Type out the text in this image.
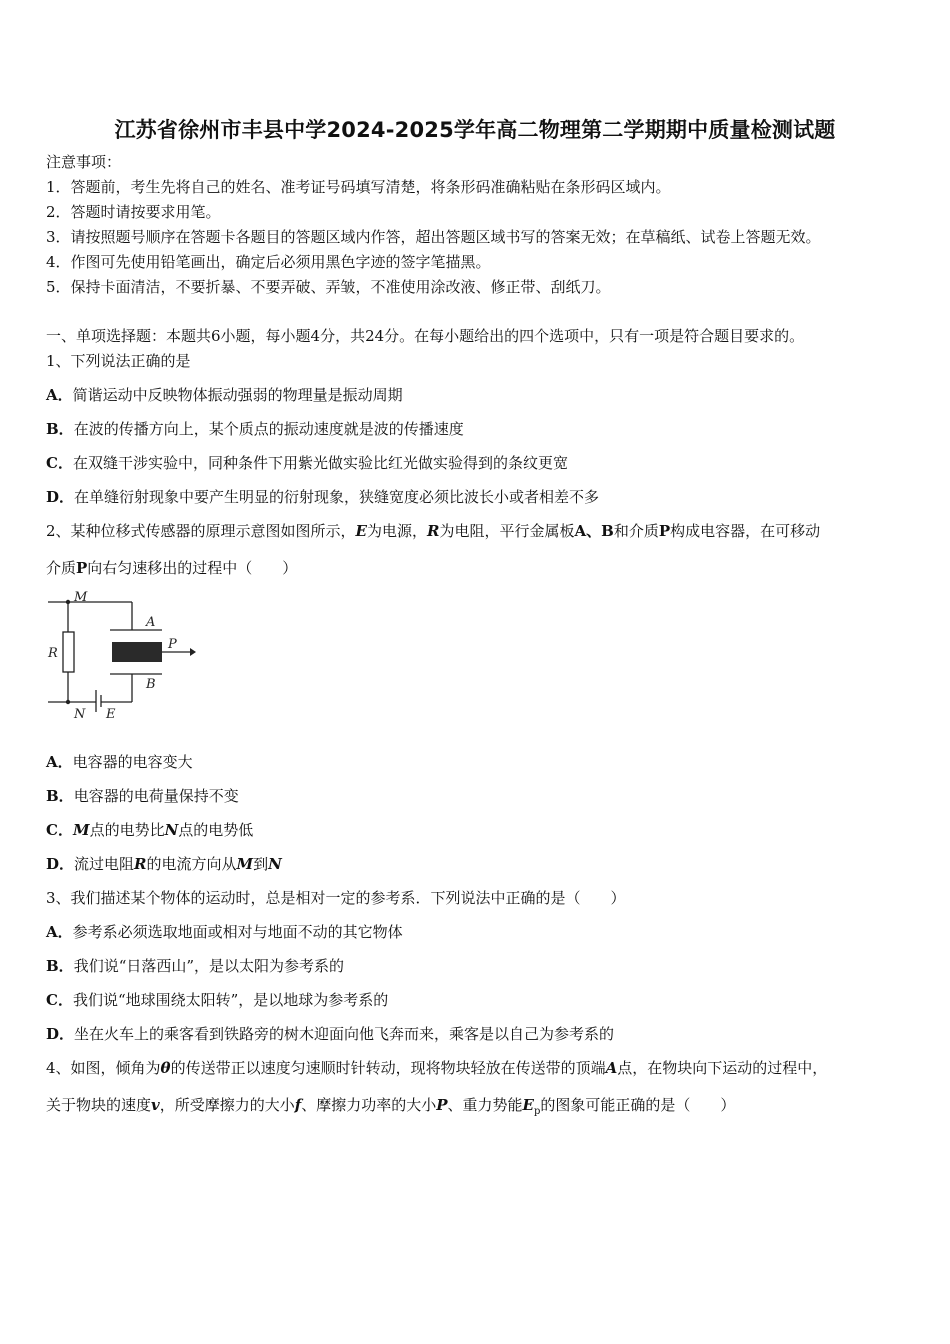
江苏省徐州市丰县中学2024-2025学年高二物理第二学期期中质量检测试题
注意事项：
1．答题前，考生先将自己的姓名、准考证号码填写清楚，将条形码准确粘贴在条形码区域内。
2．答题时请按要求用笔。
3．请按照题号顺序在答题卡各题目的答题区域内作答，超出答题区域书写的答案无效；在草稿纸、试卷上答题无效。
4．作图可先使用铅笔画出，确定后必须用黑色字迹的签字笔描黑。
5．保持卡面清洁，不要折暴、不要弄破、弄皱，不准使用涂改液、修正带、刮纸刀。
一、单项选择题：本题共6小题，每小题4分，共24分。在每小题给出的四个选项中，只有一项是符合题目要求的。
1、下列说法正确的是
A．简谐运动中反映物体振动强弱的物理量是振动周期
B．在波的传播方向上，某个质点的振动速度就是波的传播速度
C．在双缝干涉实验中，同种条件下用紫光做实验比红光做实验得到的条纹更宽
D．在单缝衍射现象中要产生明显的衍射现象，狭缝宽度必须比波长小或者相差不多
2、某种位移式传感器的原理示意图如图所示，E为电源，R为电阻，平行金属板A、B和介质P构成电容器，在可移动
介质P向右匀速移出的过程中（　　）
M
N
A
B
P
R
E
A．电容器的电容变大
B．电容器的电荷量保持不变
C．M点的电势比N点的电势低
D．流过电阻R的电流方向从M到N
3、我们描述某个物体的运动时，总是相对一定的参考系．下列说法中正确的是（　　）
A．参考系必须选取地面或相对与地面不动的其它物体
B．我们说“日落西山”，是以太阳为参考系的
C．我们说“地球围绕太阳转”，是以地球为参考系的
D．坐在火车上的乘客看到铁路旁的树木迎面向他飞奔而来，乘客是以自己为参考系的
4、如图，倾角为θ的传送带正以速度匀速顺时针转动，现将物块轻放在传送带的顶端A点，在物块向下运动的过程中，
关于物块的速度v，所受摩擦力的大小f、摩擦力功率的大小P、重力势能$E_p$的图象可能正确的是（　　）
